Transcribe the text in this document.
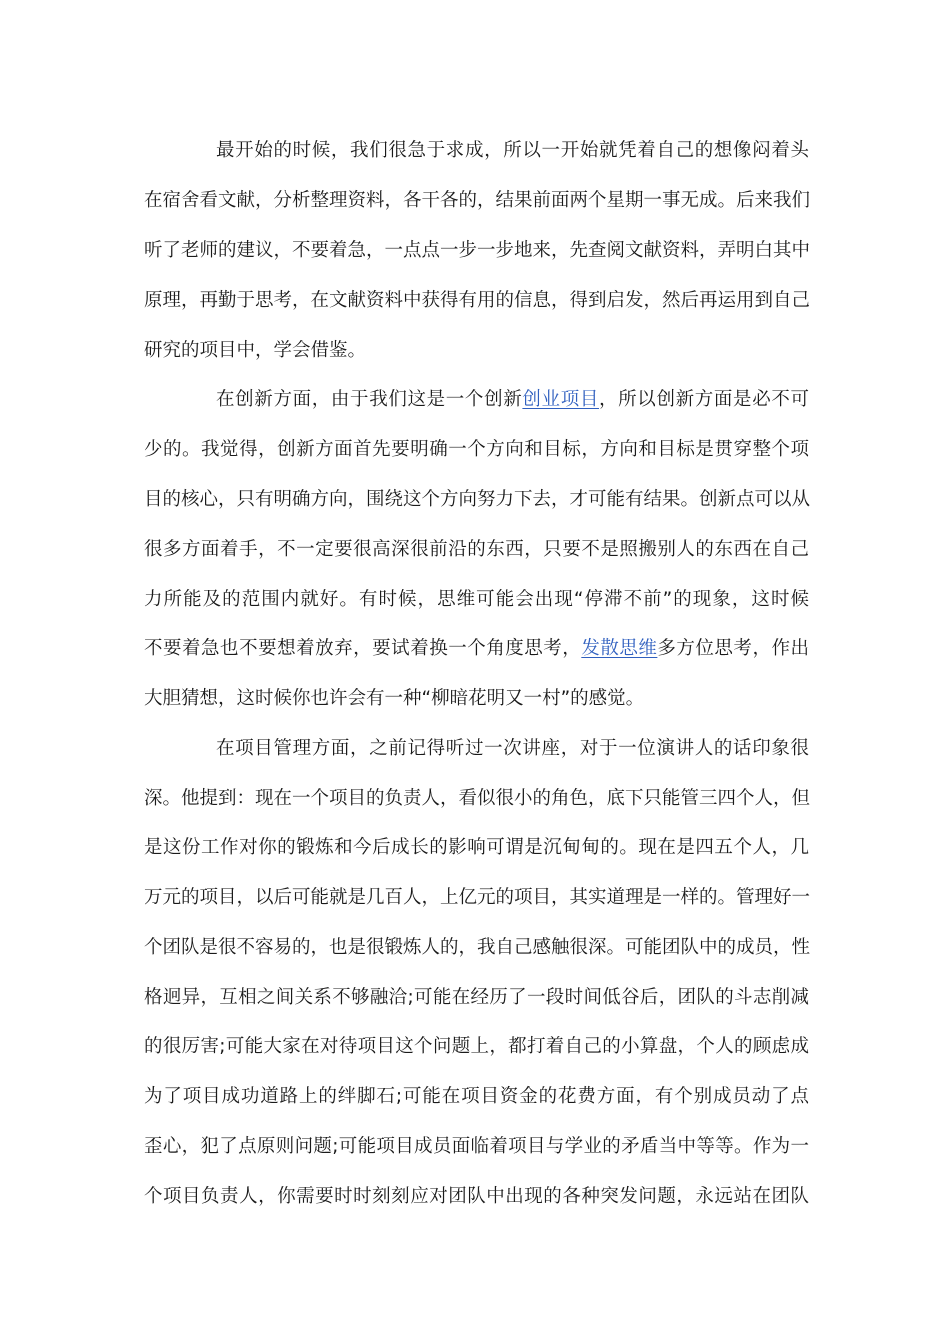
最开始的时候，我们很急于求成，所以一开始就凭着自己的想像闷着头
在宿舍看文献，分析整理资料，各干各的，结果前面两个星期一事无成。后来我们
听了老师的建议，不要着急，一点点一步一步地来，先查阅文献资料，弄明白其中
原理，再勤于思考，在文献资料中获得有用的信息，得到启发，然后再运用到自己
研究的项目中，学会借鉴。
在创新方面，由于我们这是一个创新创业项目，所以创新方面是必不可
少的。我觉得，创新方面首先要明确一个方向和目标，方向和目标是贯穿整个项
目的核心，只有明确方向，围绕这个方向努力下去，才可能有结果。创新点可以从
很多方面着手，不一定要很高深很前沿的东西，只要不是照搬别人的东西在自己
力所能及的范围内就好。有时候，思维可能会出现“停滞不前”的现象，这时候
不要着急也不要想着放弃，要试着换一个角度思考，发散思维多方位思考，作出
大胆猜想，这时候你也许会有一种“柳暗花明又一村”的感觉。
在项目管理方面，之前记得听过一次讲座，对于一位演讲人的话印象很
深。他提到：现在一个项目的负责人，看似很小的角色，底下只能管三四个人，但
是这份工作对你的锻炼和今后成长的影响可谓是沉甸甸的。现在是四五个人，几
万元的项目，以后可能就是几百人，上亿元的项目，其实道理是一样的。管理好一
个团队是很不容易的，也是很锻炼人的，我自己感触很深。可能团队中的成员，性
格迥异，互相之间关系不够融洽;可能在经历了一段时间低谷后，团队的斗志削减
的很厉害;可能大家在对待项目这个问题上，都打着自己的小算盘，个人的顾虑成
为了项目成功道路上的绊脚石;可能在项目资金的花费方面，有个别成员动了点
歪心，犯了点原则问题;可能项目成员面临着项目与学业的矛盾当中等等。作为一
个项目负责人，你需要时时刻刻应对团队中出现的各种突发问题，永远站在团队
